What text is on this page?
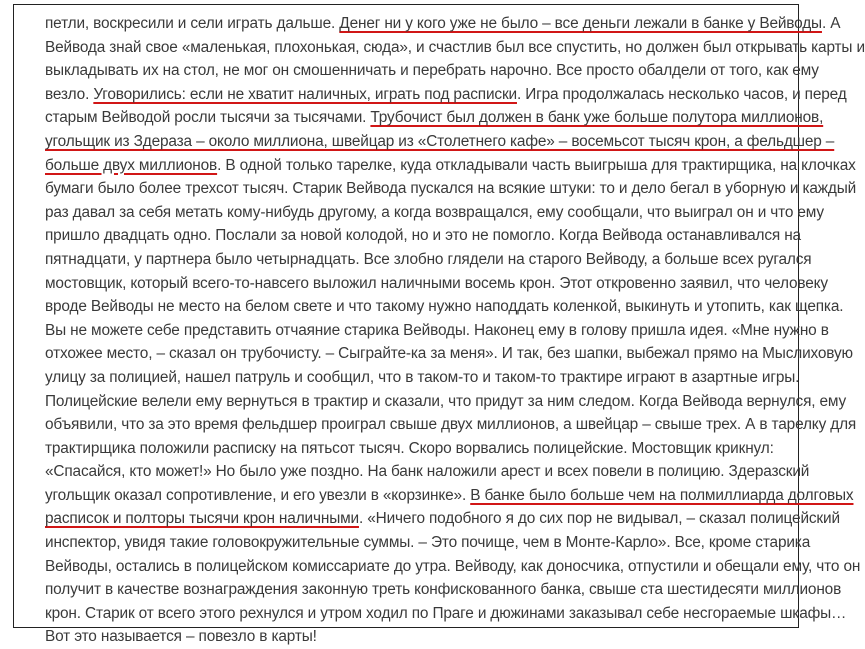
петли, воскресили и сели играть дальше. Денег ни у кого уже не было – все деньги лежали в банке у Вейводы. А
Вейвода знай свое «маленькая, плохонькая, сюда», и счастлив был все спустить, но должен был открывать карты и
выкладывать их на стол, не мог он смошенничать и перебрать нарочно. Все просто обалдели от того, как ему
везло. Уговорились: если не хватит наличных, играть под расписки. Игра продолжалась несколько часов, и перед
старым Вейводой росли тысячи за тысячами. Трубочист был должен в банк уже больше полутора миллионов,
угольщик из Здераза – около миллиона, швейцар из «Столетнего кафе» – восемьсот тысяч крон, а фельдшер –
больше двух миллионов. В одной только тарелке, куда откладывали часть выигрыша для трактирщика, на клочках
бумаги было более трехсот тысяч. Старик Вейвода пускался на всякие штуки: то и дело бегал в уборную и каждый
раз давал за себя метать кому-нибудь другому, а когда возвращался, ему сообщали, что выиграл он и что ему
пришло двадцать одно. Послали за новой колодой, но и это не помогло. Когда Вейвода останавливался на
пятнадцати, у партнера было четырнадцать. Все злобно глядели на старого Вейводу, а больше всех ругался
мостовщик, который всего-то-навсего выложил наличными восемь крон. Этот откровенно заявил, что человеку
вроде Вейводы не место на белом свете и что такому нужно наподдать коленкой, выкинуть и утопить, как щепка.
Вы не можете себе представить отчаяние старика Вейводы. Наконец ему в голову пришла идея. «Мне нужно в
отхожее место, – сказал он трубочисту. – Сыграйте-ка за меня». И так, без шапки, выбежал прямо на Мыслиховую
улицу за полицией, нашел патруль и сообщил, что в таком-то и таком-то трактире играют в азартные игры.
Полицейские велели ему вернуться в трактир и сказали, что придут за ним следом. Когда Вейвода вернулся, ему
объявили, что за это время фельдшер проиграл свыше двух миллионов, а швейцар – свыше трех. А в тарелку для
трактирщика положили расписку на пятьсот тысяч. Скоро ворвались полицейские. Мостовщик крикнул:
«Спасайся, кто может!» Но было уже поздно. На банк наложили арест и всех повели в полицию. Здеразский
угольщик оказал сопротивление, и его увезли в «корзинке». В банке было больше чем на полмиллиарда долговых
расписок и полторы тысячи крон наличными. «Ничего подобного я до сих пор не видывал, – сказал полицейский
инспектор, увидя такие головокружительные суммы. – Это почище, чем в Монте-Карло». Все, кроме старика
Вейводы, остались в полицейском комиссариате до утра. Вейводу, как доносчика, отпустили и обещали ему, что он
получит в качестве вознаграждения законную треть конфискованного банка, свыше ста шестидесяти миллионов
крон. Старик от всего этого рехнулся и утром ходил по Праге и дюжинами заказывал себе несгораемые шкафы…
Вот это называется – повезло в карты!
